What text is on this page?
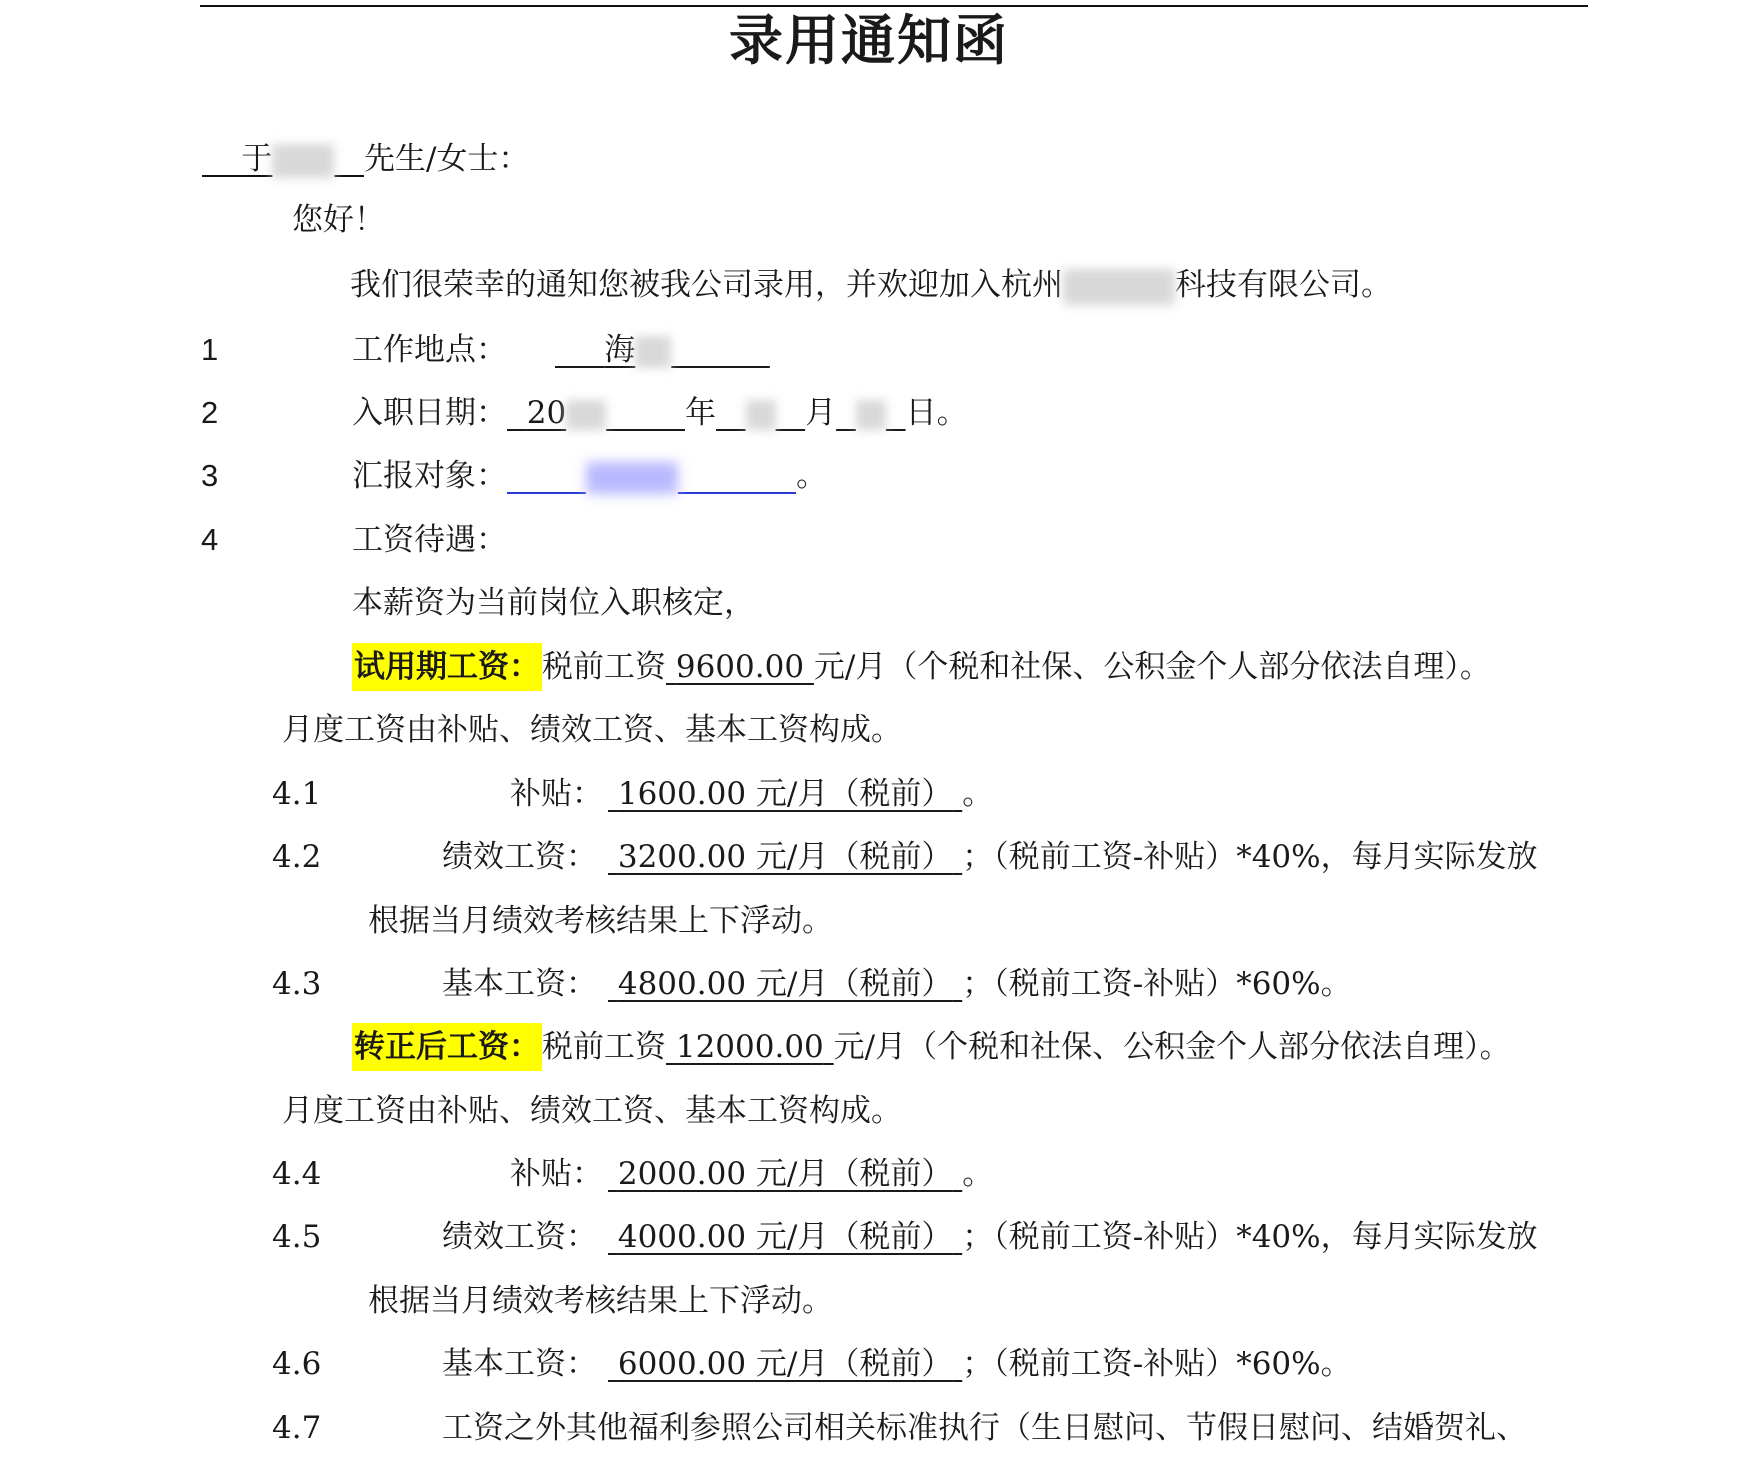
录用通知函
于	先生/女士：
您好！
我们很荣幸的通知您被我公司录用，并欢迎加入杭州	科技有限公司。
1	工作地点：	海
2	入职日期： 20	年	月 日。
3	汇报对象：	。
4	工资待遇：
本薪资为当前岗位入职核定，
试用期工资：税前工资 9600.00 元/月（个税和社保、公积金个人部分依法自理）。
月度工资由补贴、绩效工资、基本工资构成。
4.1	补贴： 1600.00 元/月（税前） 。
4.2	绩效工资： 3200.00 元/月（税前） ；（税前工资-补贴）*40%，每月实际发放
根据当月绩效考核结果上下浮动。
4.3	基本工资： 4800.00 元/月（税前） ；（税前工资-补贴）*60%。
转正后工资：税前工资 12000.00 元/月（个税和社保、公积金个人部分依法自理）。
月度工资由补贴、绩效工资、基本工资构成。
4.4	补贴： 2000.00 元/月（税前） 。
4.5	绩效工资： 4000.00 元/月（税前） ；（税前工资-补贴）*40%，每月实际发放
根据当月绩效考核结果上下浮动。
4.6	基本工资： 6000.00 元/月（税前） ；（税前工资-补贴）*60%。
4.7	工资之外其他福利参照公司相关标准执行（生日慰问、节假日慰问、结婚贺礼、
